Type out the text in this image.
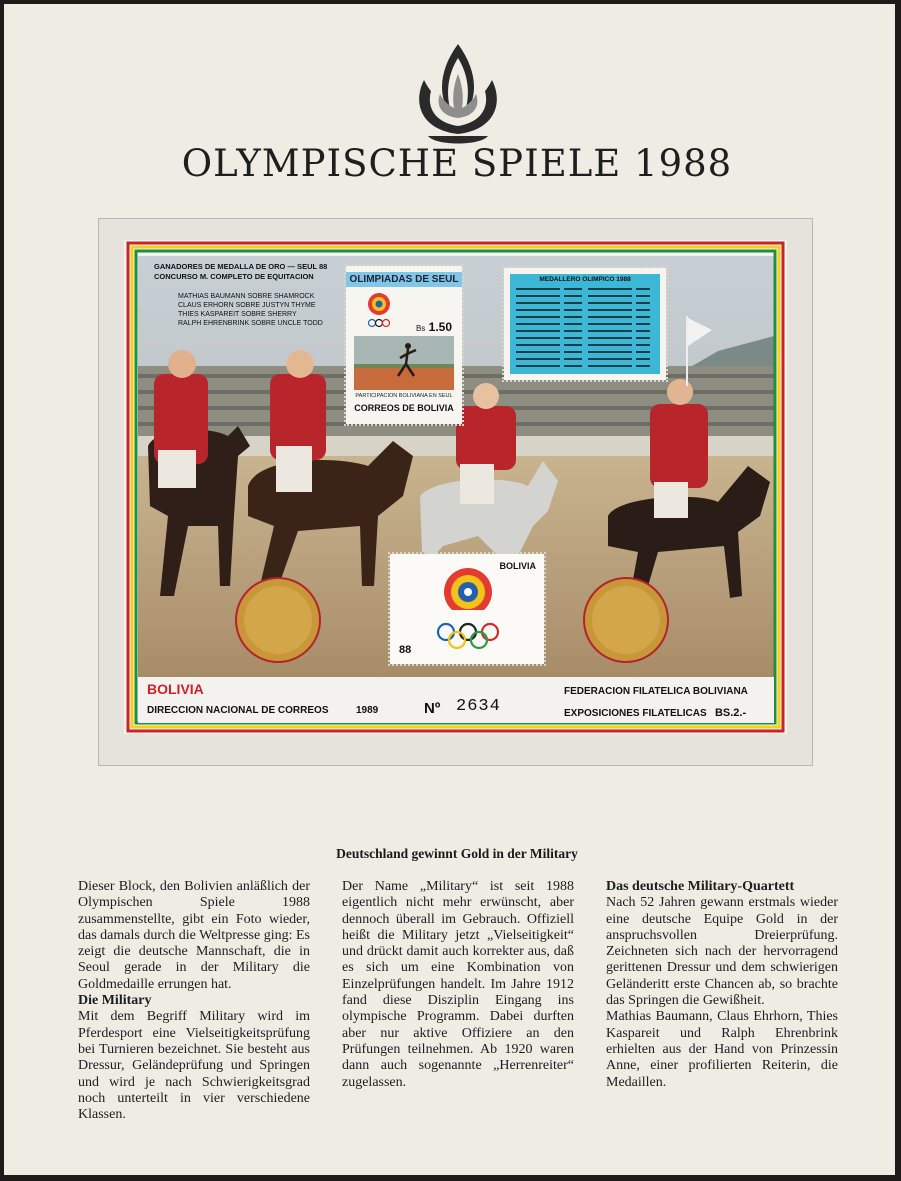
OLYMPISCHE SPIELE 1988
GANADORES DE MEDALLA DE ORO — SEUL 88
CONCURSO M. COMPLETO DE EQUITACION
MATHIAS BAUMANN SOBRE SHAMROCK
CLAUS ERHORN SOBRE JUSTYN THYME
THIES KASPAREIT SOBRE SHERRY
RALPH EHRENBRINK SOBRE UNCLE TODD
OLIMPIADAS DE SEUL
Bs 1.50
PARTICIPACION BOLIVIANA EN SEUL
CORREOS DE BOLIVIA
MEDALLERO OLIMPICO 1988
BOLIVIA
88
BOLIVIA
DIRECCION NACIONAL DE CORREOS	1989	Nº 2634
FEDERACION FILATELICA BOLIVIANA
EXPOSICIONES FILATELICAS BS.2.-
Deutschland gewinnt Gold in der Military

Dieser Block, den Bolivien anläßlich der Olympischen Spiele 1988 zusammenstellte, gibt ein Foto wieder, das damals durch die Weltpresse ging: Es zeigt die deutsche Mannschaft, die in Seoul gerade in der Military die Goldmedaille errungen hat.

Die Military

Mit dem Begriff Military wird im Pferdesport eine Vielseitigkeitsprüfung bei Turnieren bezeichnet. Sie besteht aus Dressur, Geländeprüfung und Springen und wird je nach Schwierigkeitsgrad noch unterteilt in vier verschiedene Klassen.

Der Name „Military“ ist seit 1988 eigentlich nicht mehr erwünscht, aber dennoch überall im Gebrauch. Offiziell heißt die Military jetzt „Vielseitigkeit“ und drückt damit auch korrekter aus, daß es sich um eine Kombination von Einzelprüfungen handelt. Im Jahre 1912 fand diese Disziplin Eingang ins olympische Programm. Dabei durften aber nur aktive Offiziere an den Prüfungen teilnehmen. Ab 1920 waren dann auch sogenannte „Herrenreiter“ zugelassen.

Das deutsche Military-Quartett

Nach 52 Jahren gewann erstmals wieder eine deutsche Equipe Gold in der anspruchsvollen Dreierprüfung. Zeichneten sich nach der hervorragend gerittenen Dressur und dem schwierigen Geländeritt erste Chancen ab, so brachte das Springen die Gewißheit.

Mathias Baumann, Claus Ehrhorn, Thies Kaspareit und Ralph Ehrenbrink erhielten aus der Hand von Prinzessin Anne, einer profilierten Reiterin, die Medaillen.
